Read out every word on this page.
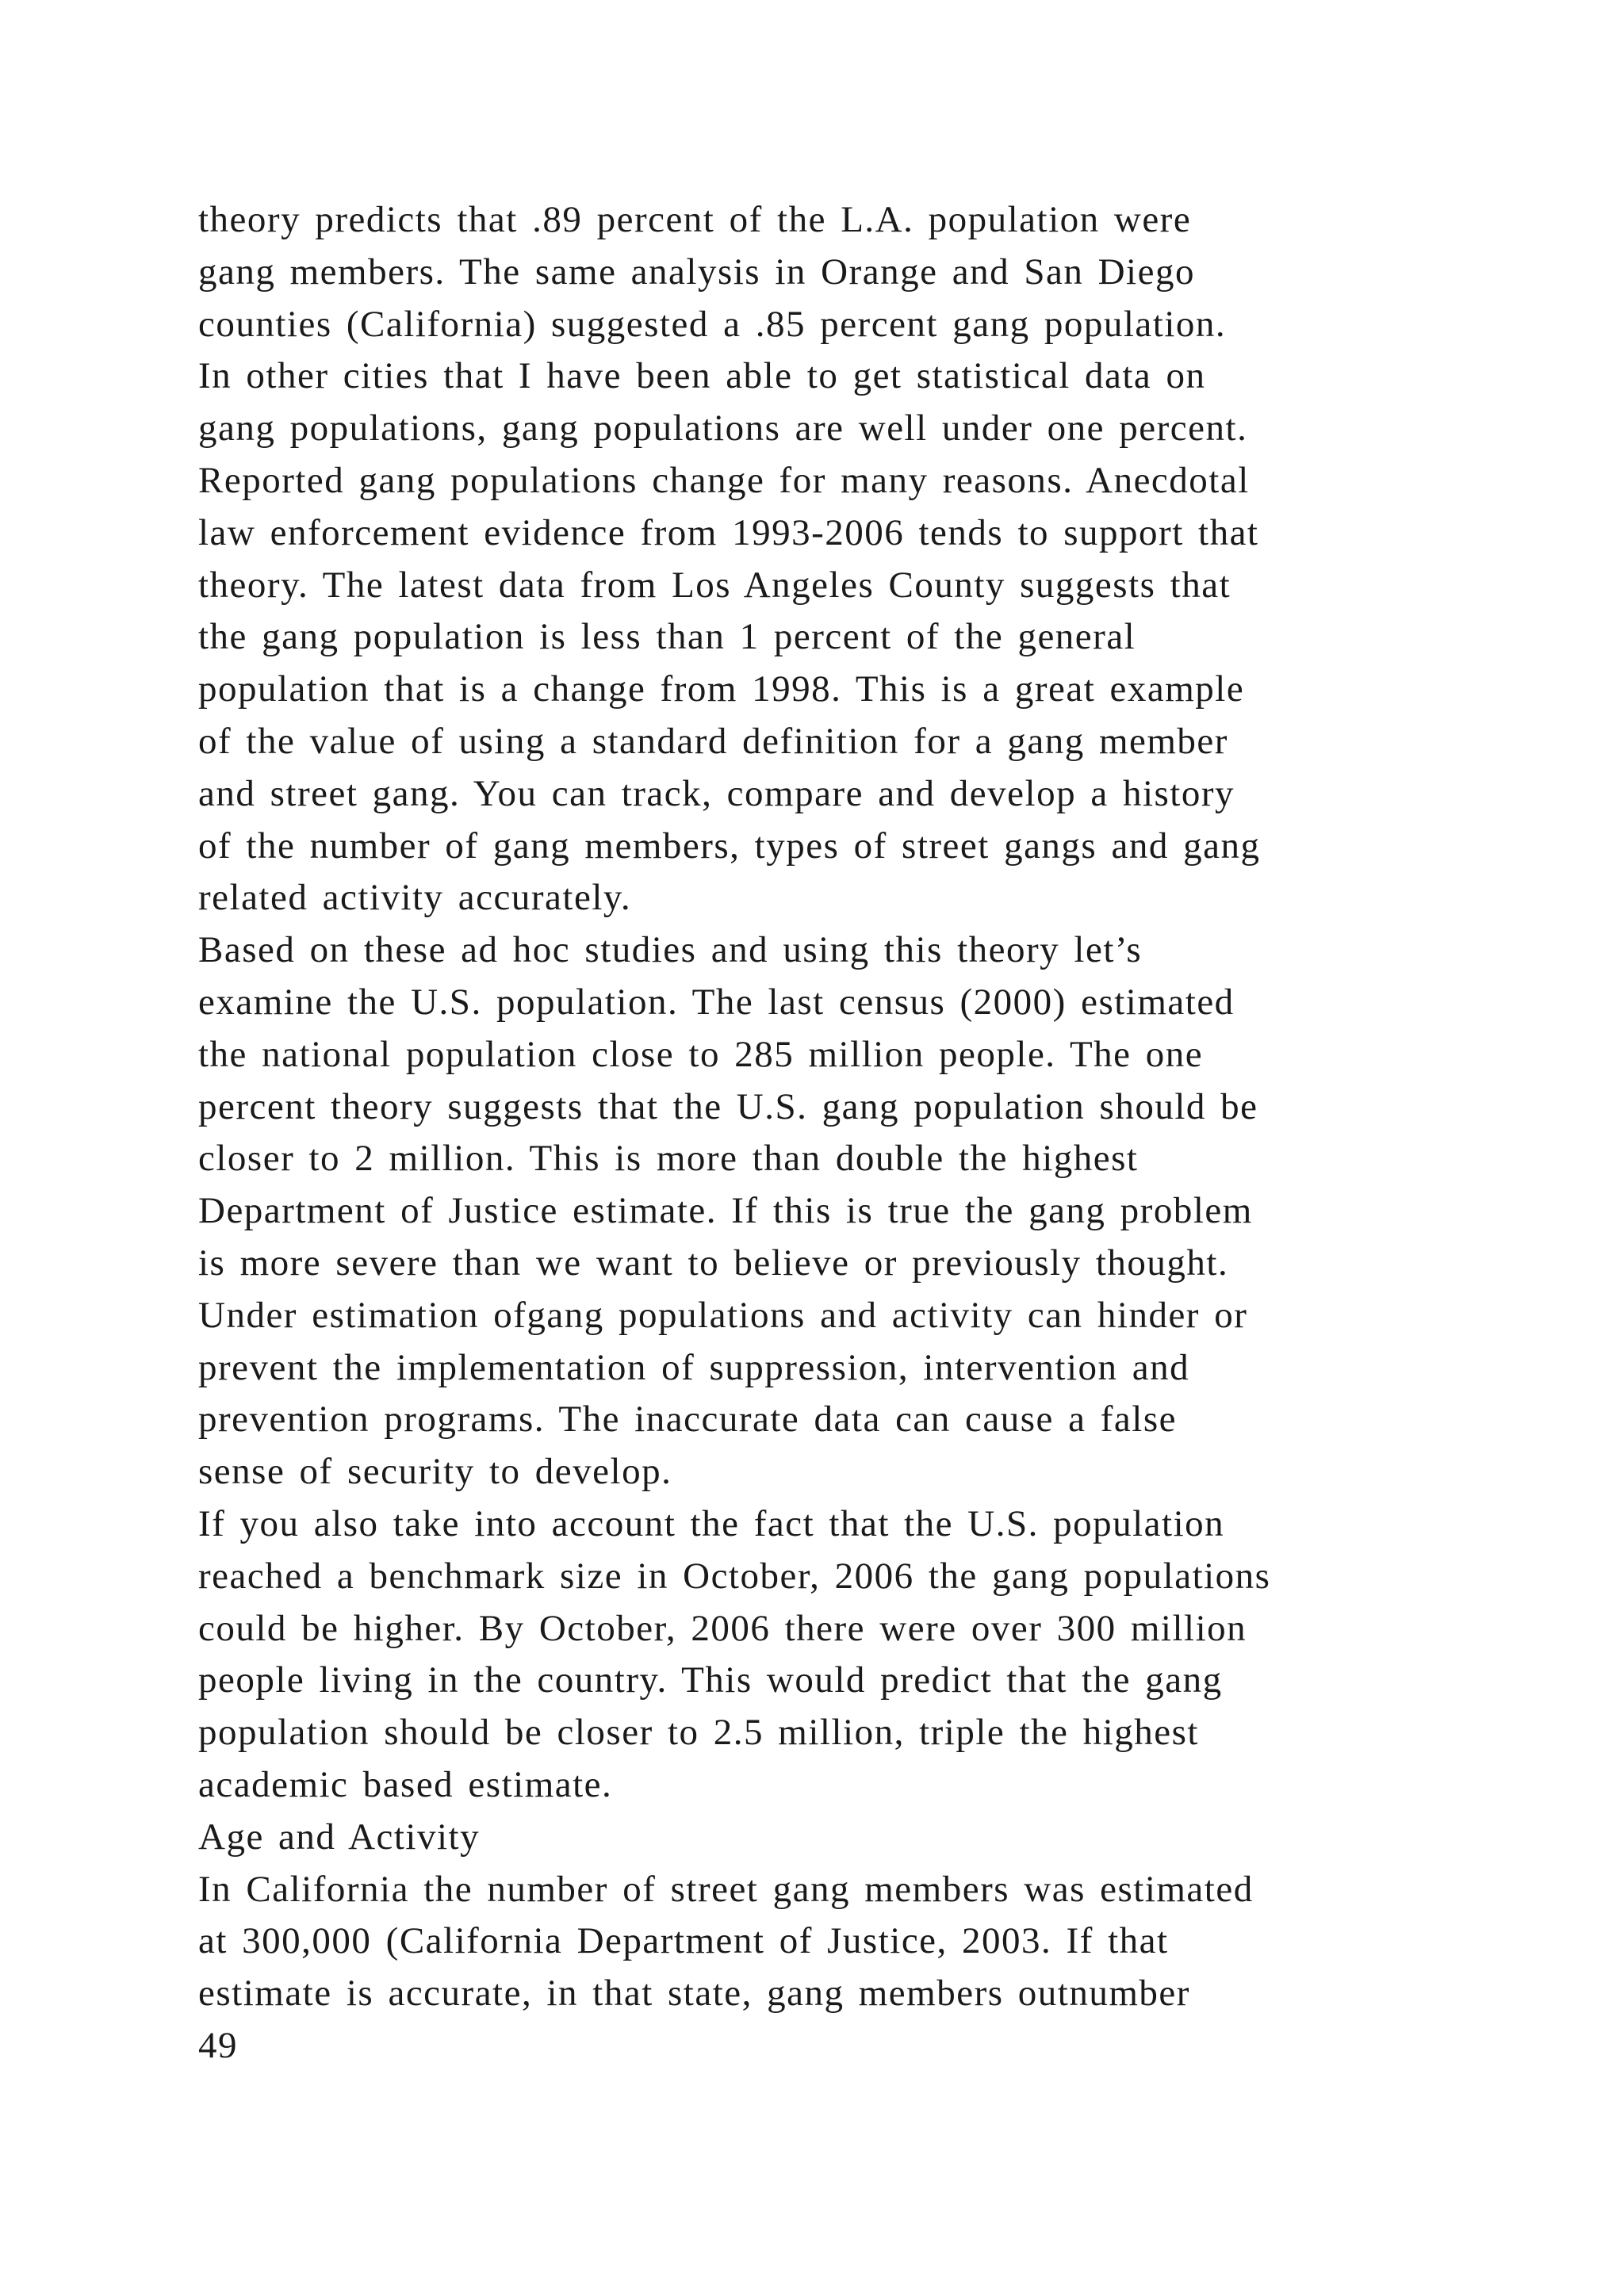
theory predicts that .89 percent of the L.A. population were
gang members. The same analysis in Orange and San Diego
counties (California) suggested a .85 percent gang population.
In other cities that I have been able to get statistical data on
gang populations, gang populations are well under one percent.
Reported gang populations change for many reasons. Anecdotal
law enforcement evidence from 1993-2006 tends to support that
theory. The latest data from Los Angeles County suggests that
the gang population is less than 1 percent of the general
population that is a change from 1998. This is a great example
of the value of using a standard definition for a gang member
and street gang. You can track, compare and develop a history
of the number of gang members, types of street gangs and gang
related activity accurately.
Based on these ad hoc studies and using this theory let’s
examine the U.S. population. The last census (2000) estimated
the national population close to 285 million people. The one
percent theory suggests that the U.S. gang population should be
closer to 2 million. This is more than double the highest
Department of Justice estimate. If this is true the gang problem
is more severe than we want to believe or previously thought.
Under estimation ofgang populations and activity can hinder or
prevent the implementation of suppression, intervention and
prevention programs. The inaccurate data can cause a false
sense of security to develop.
If you also take into account the fact that the U.S. population
reached a benchmark size in October, 2006 the gang populations
could be higher. By October, 2006 there were over 300 million
people living in the country. This would predict that the gang
population should be closer to 2.5 million, triple the highest
academic based estimate.
Age and Activity
In California the number of street gang members was estimated
at 300,000 (California Department of Justice, 2003. If that
estimate is accurate, in that state, gang members outnumber
49
